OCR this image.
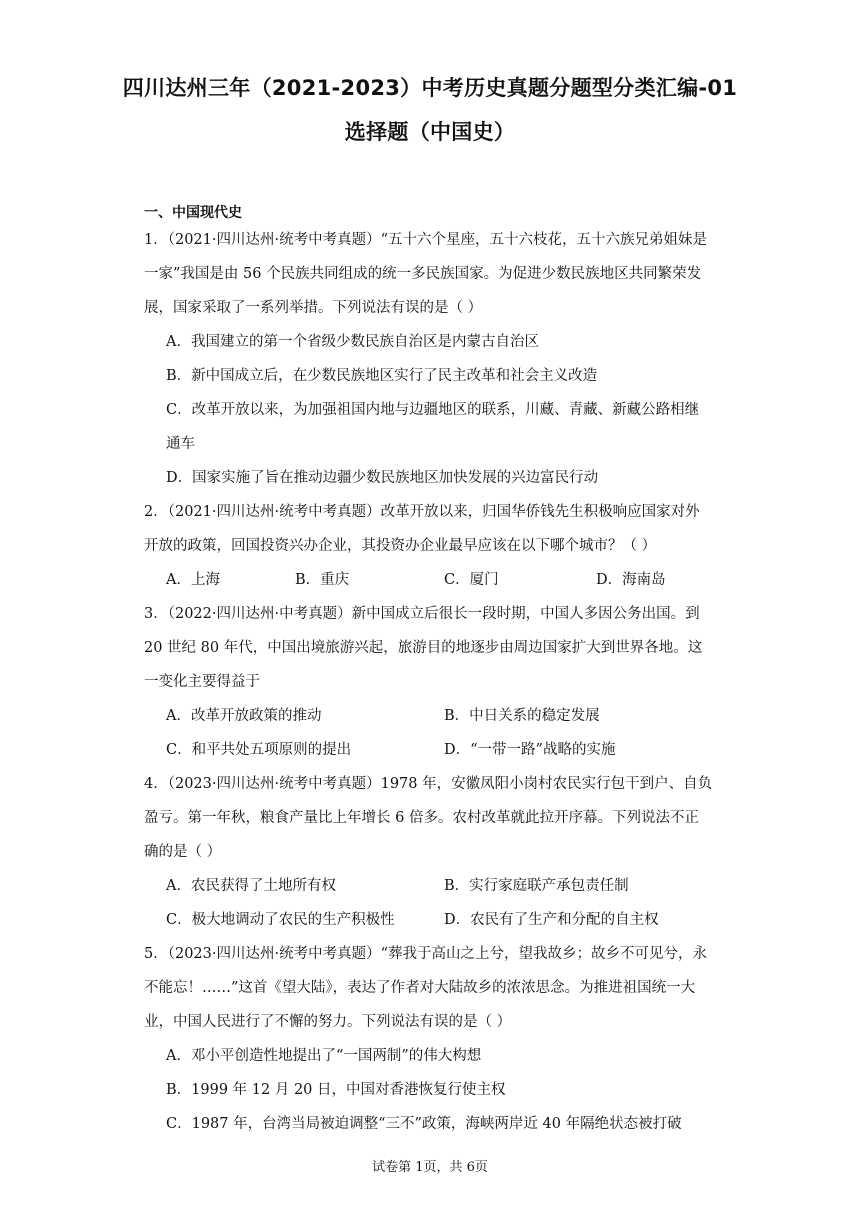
四川达州三年（2021-2023）中考历史真题分题型分类汇编-01
选择题（中国史）
一、中国现代史
1．（2021·四川达州·统考中考真题）“五十六个星座，五十六枝花，五十六族兄弟姐妹是
一家”我国是由 56 个民族共同组成的统一多民族国家。为促进少数民族地区共同繁荣发
展，国家采取了一系列举措。下列说法有误的是（ ）
A．我国建立的第一个省级少数民族自治区是内蒙古自治区
B．新中国成立后，在少数民族地区实行了民主改革和社会主义改造
C．改革开放以来，为加强祖国内地与边疆地区的联系，川藏、青藏、新藏公路相继
通车
D．国家实施了旨在推动边疆少数民族地区加快发展的兴边富民行动
2．（2021·四川达州·统考中考真题）改革开放以来，归国华侨钱先生积极响应国家对外
开放的政策，回国投资兴办企业，其投资办企业最早应该在以下哪个城市？（ ）
A．上海	B．重庆	C．厦门	D．海南岛
3．（2022·四川达州·中考真题）新中国成立后很长一段时期，中国人多因公务出国。到
20 世纪 80 年代，中国出境旅游兴起，旅游目的地逐步由周边国家扩大到世界各地。这
一变化主要得益于
A．改革开放政策的推动	B．中日关系的稳定发展
C．和平共处五项原则的提出	D．“一带一路”战略的实施
4．（2023·四川达州·统考中考真题）1978 年，安徽凤阳小岗村农民实行包干到户、自负
盈亏。第一年秋，粮食产量比上年增长 6 倍多。农村改革就此拉开序幕。下列说法不正
确的是（ ）
A．农民获得了土地所有权	B．实行家庭联产承包责任制
C．极大地调动了农民的生产积极性	D．农民有了生产和分配的自主权
5．（2023·四川达州·统考中考真题）“葬我于高山之上兮，望我故乡；故乡不可见兮，永
不能忘！……”这首《望大陆》，表达了作者对大陆故乡的浓浓思念。为推进祖国统一大
业，中国人民进行了不懈的努力。下列说法有误的是（ ）
A．邓小平创造性地提出了“一国两制”的伟大构想
B．1999 年 12 月 20 日，中国对香港恢复行使主权
C．1987 年，台湾当局被迫调整“三不”政策，海峡两岸近 40 年隔绝状态被打破
试卷第 1页，共 6页
